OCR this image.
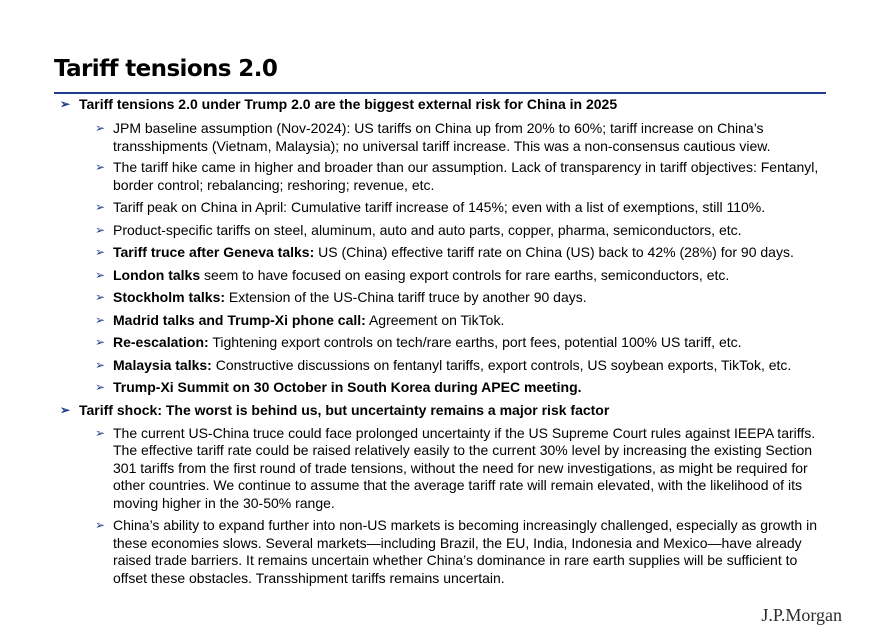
Tariff tensions 2.0
➢ Tariff tensions 2.0 under Trump 2.0 are the biggest external risk for China in 2025
➢ JPM baseline assumption (Nov-2024): US tariffs on China up from 20% to 60%; tariff increase on China’s transshipments (Vietnam, Malaysia); no universal tariff increase. This was a non-consensus cautious view.
➢ The tariff hike came in higher and broader than our assumption. Lack of transparency in tariff objectives: Fentanyl, border control; rebalancing; reshoring; revenue, etc.
➢ Tariff peak on China in April: Cumulative tariff increase of 145%; even with a list of exemptions, still 110%.
➢ Product-specific tariffs on steel, aluminum, auto and auto parts, copper, pharma, semiconductors, etc.
➢ Tariff truce after Geneva talks: US (China) effective tariff rate on China (US) back to 42% (28%) for 90 days.
➢ London talks seem to have focused on easing export controls for rare earths, semiconductors, etc.
➢ Stockholm talks: Extension of the US-China tariff truce by another 90 days.
➢ Madrid talks and Trump-Xi phone call: Agreement on TikTok.
➢ Re-escalation: Tightening export controls on tech/rare earths, port fees, potential 100% US tariff, etc.
➢ Malaysia talks: Constructive discussions on fentanyl tariffs, export controls, US soybean exports, TikTok, etc.
➢ Trump-Xi Summit on 30 October in South Korea during APEC meeting.
➢ Tariff shock: The worst is behind us, but uncertainty remains a major risk factor
➢ The current US-China truce could face prolonged uncertainty if the US Supreme Court rules against IEEPA tariffs. The effective tariff rate could be raised relatively easily to the current 30% level by increasing the existing Section 301 tariffs from the first round of trade tensions, without the need for new investigations, as might be required for other countries. We continue to assume that the average tariff rate will remain elevated, with the likelihood of its moving higher in the 30-50% range.
➢ China’s ability to expand further into non-US markets is becoming increasingly challenged, especially as growth in these economies slows. Several markets—including Brazil, the EU, India, Indonesia and Mexico—have already raised trade barriers. It remains uncertain whether China’s dominance in rare earth supplies will be sufficient to offset these obstacles. Transshipment tariffs remains uncertain.
J.P.Morgan
